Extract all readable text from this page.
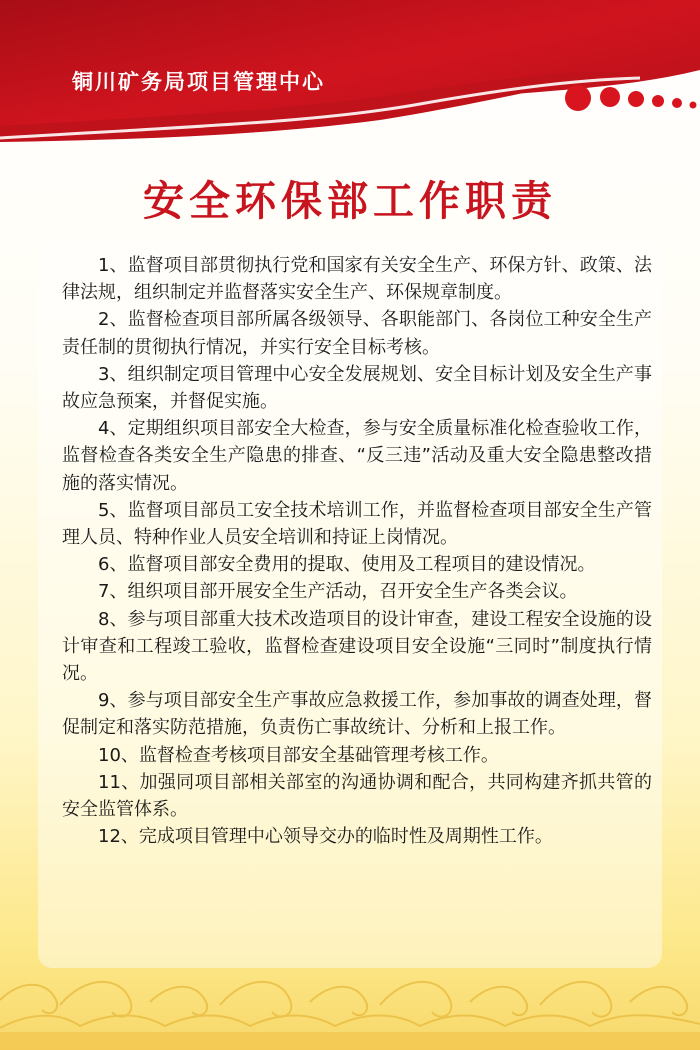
铜川矿务局项目管理中心
安全环保部工作职责

1、监督项目部贯彻执行党和国家有关安全生产、环保方针、政策、法律法规，组织制定并监督落实安全生产、环保规章制度。

2、监督检查项目部所属各级领导、各职能部门、各岗位工种安全生产责任制的贯彻执行情况，并实行安全目标考核。

3、组织制定项目管理中心安全发展规划、安全目标计划及安全生产事故应急预案，并督促实施。

4、定期组织项目部安全大检查，参与安全质量标准化检查验收工作，监督检查各类安全生产隐患的排查、“反三违”活动及重大安全隐患整改措施的落实情况。

5、监督项目部员工安全技术培训工作，并监督检查项目部安全生产管理人员、特种作业人员安全培训和持证上岗情况。

6、监督项目部安全费用的提取、使用及工程项目的建设情况。

7、组织项目部开展安全生产活动，召开安全生产各类会议。

8、参与项目部重大技术改造项目的设计审查，建设工程安全设施的设计审查和工程竣工验收，监督检查建设项目安全设施“三同时”制度执行情况。

9、参与项目部安全生产事故应急救援工作，参加事故的调查处理，督促制定和落实防范措施，负责伤亡事故统计、分析和上报工作。

10、监督检查考核项目部安全基础管理考核工作。

11、加强同项目部相关部室的沟通协调和配合，共同构建齐抓共管的安全监管体系。

12、完成项目管理中心领导交办的临时性及周期性工作。
